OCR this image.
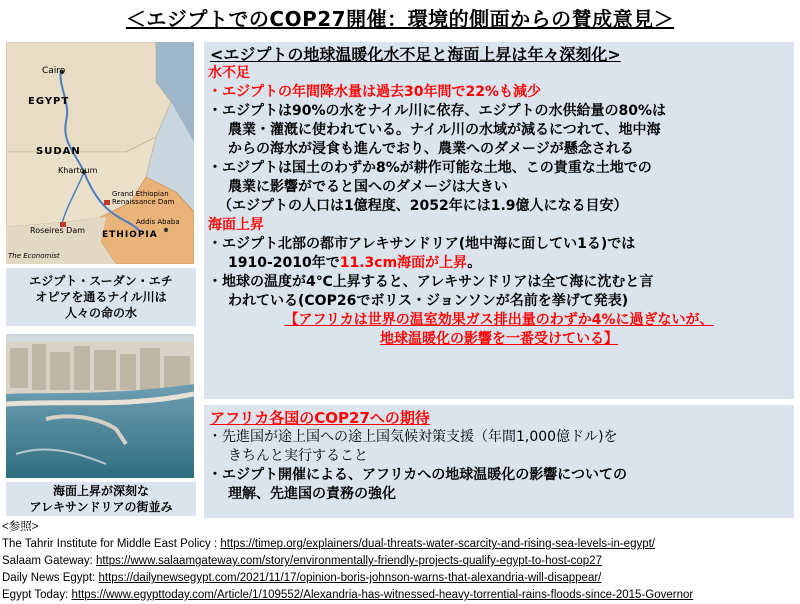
＜エジプトでのCOP27開催：環境的側面からの賛成意見＞
Cairo
EGYPT
SUDAN
Khartoum
Roseires Dam ETHIOPIA
Addis Ababa
Grand Ethiopian Renaissance Dam
The Economist
エジプト・スーダン・エチ
オピアを通るナイル川は
人々の命の水
海面上昇が深刻な
アレキサンドリアの街並み
<エジプトの地球温暖化水不足と海面上昇は年々深刻化>
水不足
・エジプトの年間降水量は過去30年間で22%も減少
・エジプトは90%の水をナイル川に依存、エジプトの水供給量の80%は
農業・灌漑に使われている。ナイル川の水域が減るにつれて、地中海
からの海水が浸食も進んでおり、農業へのダメージが懸念される
・エジプトは国土のわずか8%が耕作可能な土地、この貴重な土地での
農業に影響がでると国へのダメージは大きい
（エジプトの人口は1億程度、2052年には1.9億人になる目安）
海面上昇
・エジプト北部の都市アレキサンドリア(地中海に面してい1る)では
1910-2010年で11.3cm海面が上昇。
・地球の温度が4℃上昇すると、アレキサンドリアは全て海に沈むと言
われている(COP26でボリス・ジョンソンが名前を挙げて発表)
【アフリカは世界の温室効果ガス排出量のわずか4%に過ぎないが、
地球温暖化の影響を一番受けている】
アフリカ各国のCOP27への期待
・先進国が途上国への途上国気候対策支援（年間1,000億ドル)を
きちんと実行すること
・エジプト開催による、アフリカへの地球温暖化の影響についての
理解、先進国の責務の強化
<参照>
The Tahrir Institute for Middle East Policy : https://timep.org/explainers/dual-threats-water-scarcity-and-rising-sea-levels-in-egypt/
Salaam Gateway: https://www.salaamgateway.com/story/environmentally-friendly-projects-qualify-egypt-to-host-cop27
Daily News Egypt: https://dailynewsegypt.com/2021/11/17/opinion-boris-johnson-warns-that-alexandria-will-disappear/
Egypt Today: https://www.egypttoday.com/Article/1/109552/Alexandria-has-witnessed-heavy-torrential-rains-floods-since-2015-Governor
